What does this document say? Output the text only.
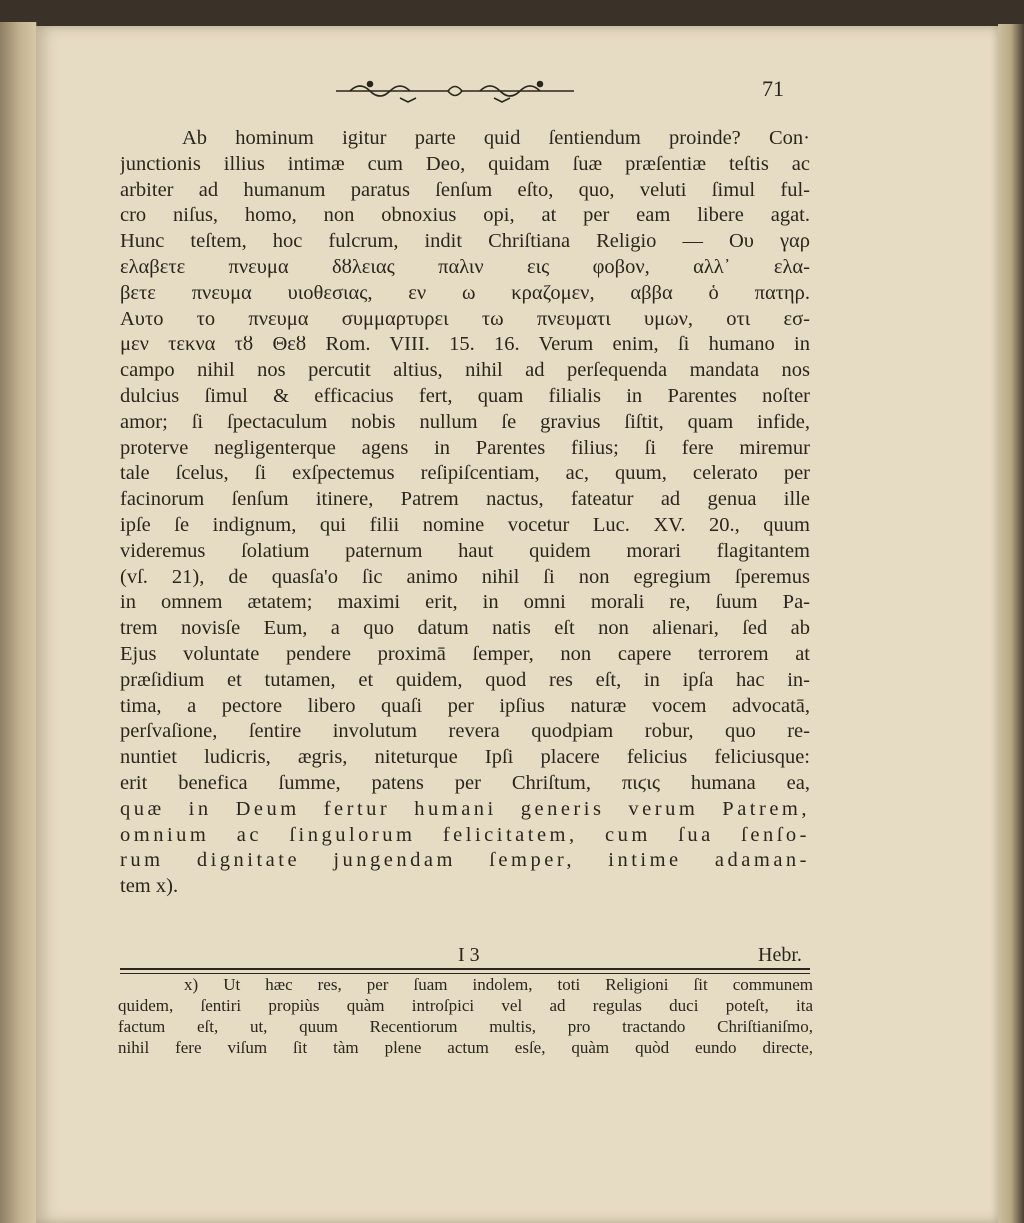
71
Ab hominum igitur parte quid ſentiendum proinde? Con·
junctionis illius intimæ cum Deo, quidam ſuæ præſentiæ teſtis ac
arbiter ad humanum paratus ſenſum eſto, quo, veluti ſimul ful-
cro niſus, homo, non obnoxius opi, at per eam libere agat.
Hunc teſtem, hoc fulcrum, indit Chriſtiana Religio — Ου γαρ
ελαβετε πνευμα δȣλειας παλιν εις φοβον, αλλ᾽ ελα-
βετε πνευμα υιοθεσιας, εν ω κραζομεν, αββα ὁ πατηρ.
Αυτο το πνευμα συμμαρτυρει τω πνευματι υμων, οτι εσ-
μεν τεκνα τȣ Θεȣ Rom. VIII. 15. 16. Verum enim, ſi humano in
campo nihil nos percutit altius, nihil ad perſequenda mandata nos
dulcius ſimul & efficacius fert, quam filialis in Parentes noſter
amor; ſi ſpectaculum nobis nullum ſe gravius ſiſtit, quam infide,
proterve negligenterque agens in Parentes filius; ſi fere miremur
tale ſcelus, ſi exſpectemus reſipiſcentiam, ac, quum, celerato per
facinorum ſenſum itinere, Patrem nactus, fateatur ad genua ille
ipſe ſe indignum, qui filii nomine vocetur Luc. XV. 20., quum
videremus ſolatium paternum haut quidem morari flagitantem
(vſ. 21), de quasſa'o ſic animo nihil ſi non egregium ſperemus
in omnem ætatem; maximi erit, in omni morali re, ſuum Pa-
trem novisſe Eum, a quo datum natis eſt non alienari, ſed ab
Ejus voluntate pendere proximā ſemper, non capere terrorem at
præſidium et tutamen, et quidem, quod res eſt, in ipſa hac in-
tima, a pectore libero quaſi per ipſius naturæ vocem advocatā,
perſvaſione, ſentire involutum revera quodpiam robur, quo re-
nuntiet ludicris, ægris, niteturque Ipſi placere felicius feliciusque:
erit benefica ſumme, patens per Chriſtum, πιϛις humana ea,
quæ in Deum fertur humani generis verum Patrem,
omnium ac ſingulorum felicitatem, cum ſua ſenſo-
rum dignitate jungendam ſemper, intime adaman-
tem x).
I 3	Hebr.
x) Ut hæc res, per ſuam indolem, toti Religioni ſit communem
quidem, ſentiri propiùs quàm introſpici vel ad regulas duci poteſt, ita
factum eſt, ut, quum Recentiorum multis, pro tractando Chriſtianiſmo,
nihil fere viſum ſit tàm plene actum esſe, quàm quòd eundo directe,
